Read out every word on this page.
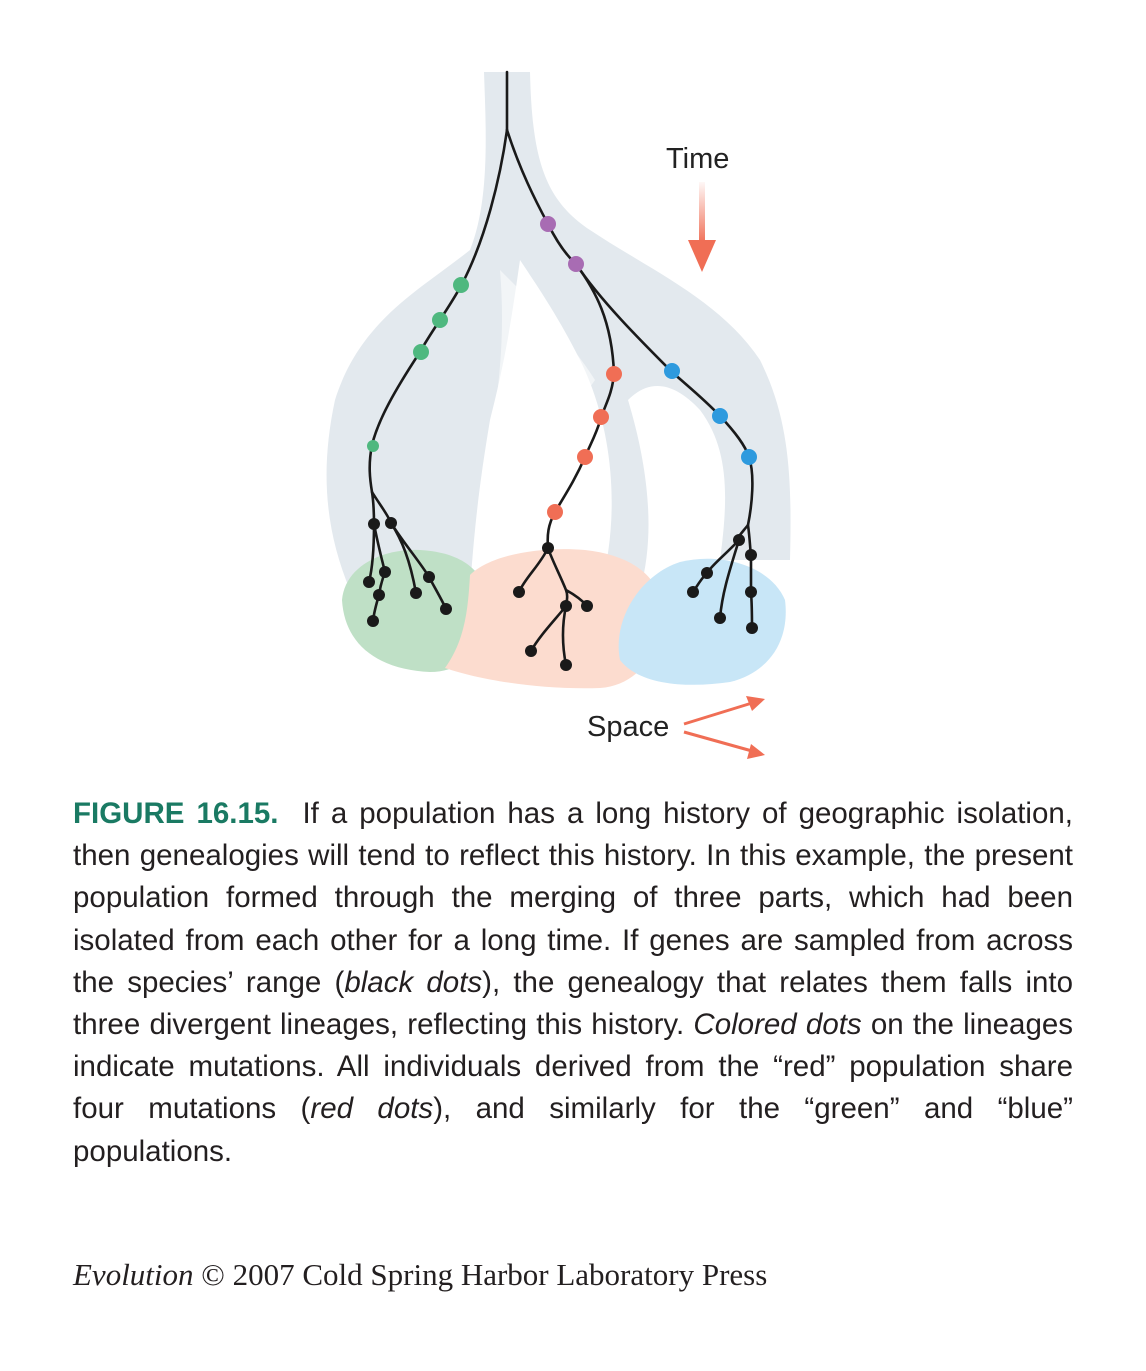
Time
Space

FIGURE 16.15. If a population has a long history of geographic isolation, then genealogies will tend to reflect this history. In this example, the present population formed through the merging of three parts, which had been isolated from each other for a long time. If genes are sampled from across the species’ range (black dots), the genealogy that relates them falls into three divergent lineages, reflecting this history. Colored dots on the lineages indicate mutations. All individuals derived from the “red” population share four mutations (red dots), and similarly for the “green” and “blue” populations.

Evolution © 2007 Cold Spring Harbor Laboratory Press
